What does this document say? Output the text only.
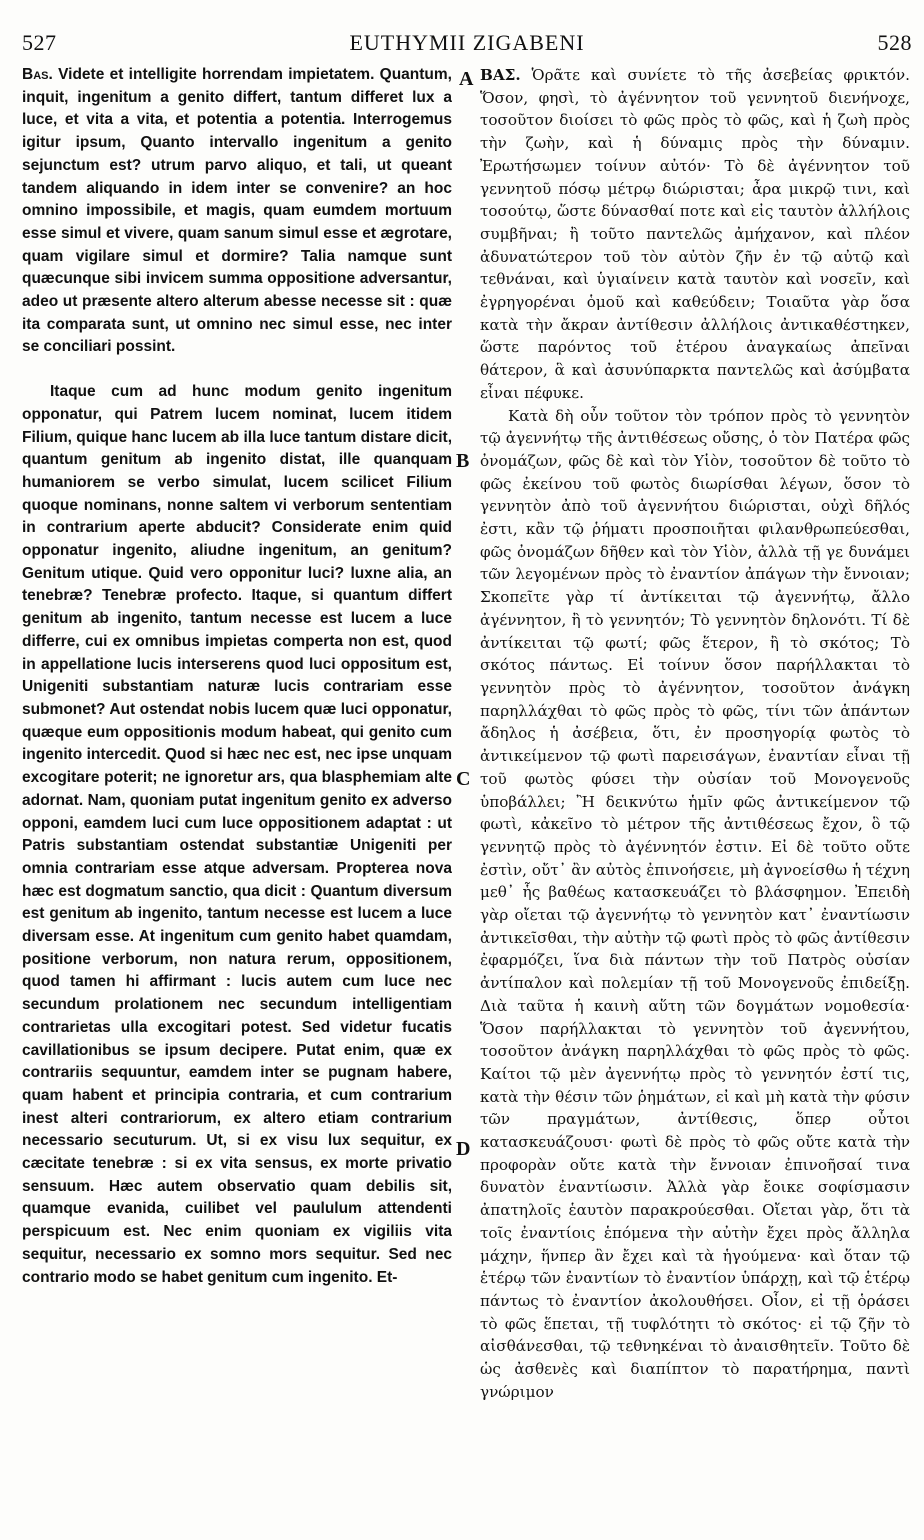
527	EUTHYMII ZIGABENI	528

Bas. Videte et intelligite horrendam impietatem. Quantum, inquit, ingenitum a genito differt, tantum differet lux a luce, et vita a vita, et potentia a potentia. Interrogemus igitur ipsum, Quanto intervallo ingenitum a genito sejunctum est? utrum parvo aliquo, et tali, ut queant tandem aliquando in idem inter se convenire? an hoc omnino impossibile, et magis, quam eumdem mortuum esse simul et vivere, quam sanum simul esse et ægrotare, quam vigilare simul et dormire? Talia namque sunt quæcunque sibi invicem summa oppositione adversantur, adeo ut præsente altero alterum abesse necesse sit : quæ ita comparata sunt, ut omnino nec simul esse, nec inter se conciliari possint.

Itaque cum ad hunc modum genito ingenitum opponatur, qui Patrem lucem nominat, lucem itidem Filium, quique hanc lucem ab illa luce tantum distare dicit, quantum genitum ab ingenito distat, ille quanquam humaniorem se verbo simulat, lucem scilicet Filium quoque nominans, nonne saltem vi verborum sententiam in contrarium aperte abducit? Considerate enim quid opponatur ingenito, aliudne ingenitum, an genitum? Genitum utique. Quid vero opponitur luci? luxne alia, an tenebræ? Tenebræ profecto. Itaque, si quantum differt genitum ab ingenito, tantum necesse est lucem a luce differre, cui ex omnibus impietas comperta non est, quod in appellatione lucis interserens quod luci oppositum est, Unigeniti substantiam naturæ lucis contrariam esse submonet? Aut ostendat nobis lucem quæ luci opponatur, quæque eum oppositionis modum habeat, qui genito cum ingenito intercedit. Quod si hæc nec est, nec ipse unquam excogitare poterit; ne ignoretur ars, qua blasphemiam alte adornat. Nam, quoniam putat ingenitum genito ex adverso opponi, eamdem luci cum luce oppositionem adaptat : ut Patris substantiam ostendat substantiæ Unigeniti per omnia contrariam esse atque adversam. Propterea nova hæc est dogmatum sanctio, qua dicit : Quantum diversum est genitum ab ingenito, tantum necesse est lucem a luce diversam esse. At ingenitum cum genito habet quamdam, positione verborum, non natura rerum, oppositionem, quod tamen hi affirmant : lucis autem cum luce nec secundum prolationem nec secundum intelligentiam contrarietas ulla excogitari potest. Sed videtur fucatis cavillationibus se ipsum decipere. Putat enim, quæ ex contrariis sequuntur, eamdem inter se pugnam habere, quam habent et principia contraria, et cum contrarium inest alteri contrariorum, ex altero etiam contrarium necessario secuturum. Ut, si ex visu lux sequitur, ex cæcitate tenebræ : si ex vita sensus, ex morte privatio sensuum. Hæc autem observatio quam debilis sit, quamque evanida, cuilibet vel paululum attendenti perspicuum est. Nec enim quoniam ex vigiliis vita sequitur, necessario ex somno mors sequitur. Sed nec contrario modo se habet genitum cum ingenito. Et-

ΒΑΣ. Ὁρᾶτε καὶ συνίετε τὸ τῆς ἀσεβείας φρικτόν. Ὅσον, φησὶ, τὸ ἀγέννητον τοῦ γεννητοῦ διενήνοχε, τοσοῦτον διοίσει τὸ φῶς πρὸς τὸ φῶς, καὶ ἡ ζωὴ πρὸς τὴν ζωὴν, καὶ ἡ δύναμις πρὸς τὴν δύναμιν. Ἐρωτήσωμεν τοίνυν αὐτόν· Τὸ δὲ ἀγέννητον τοῦ γεννητοῦ πόσῳ μέτρῳ διώρισται; ἆρα μικρῷ τινι, καὶ τοσούτῳ, ὥστε δύνασθαί ποτε καὶ εἰς ταυτὸν ἀλλήλοις συμβῆναι; ἢ τοῦτο παντελῶς ἀμήχανον, καὶ πλέον ἀδυνατώτερον τοῦ τὸν αὐτὸν ζῆν ἐν τῷ αὐτῷ καὶ τεθνάναι, καὶ ὑγιαίνειν κατὰ ταυτὸν καὶ νοσεῖν, καὶ ἐγρηγορέναι ὁμοῦ καὶ καθεύδειν; Τοιαῦτα γὰρ ὅσα κατὰ τὴν ἄκραν ἀντίθεσιν ἀλλήλοις ἀντικαθέστηκεν, ὥστε παρόντος τοῦ ἑτέρου ἀναγκαίως ἀπεῖναι θάτερον, ἃ καὶ ἀσυνύπαρκτα παντελῶς καὶ ἀσύμβατα εἶναι πέφυκε.

Κατὰ δὴ οὖν τοῦτον τὸν τρόπον πρὸς τὸ γεννητὸν τῷ ἀγεννήτῳ τῆς ἀντιθέσεως οὔσης, ὁ τὸν Πατέρα φῶς ὀνομάζων, φῶς δὲ καὶ τὸν Υἱὸν, τοσοῦτον δὲ τοῦτο τὸ φῶς ἐκείνου τοῦ φωτὸς διωρίσθαι λέγων, ὅσον τὸ γεννητὸν ἀπὸ τοῦ ἀγεννήτου διώρισται, οὐχὶ δῆλός ἐστι, κἂν τῷ ῥήματι προσποιῆται φιλανθρωπεύεσθαι, φῶς ὀνομάζων δῆθεν καὶ τὸν Υἱὸν, ἀλλὰ τῇ γε δυνάμει τῶν λεγομένων πρὸς τὸ ἐναντίον ἀπάγων τὴν ἔννοιαν; Σκοπεῖτε γὰρ τί ἀντίκειται τῷ ἀγεννήτῳ, ἄλλο ἀγέννητον, ἢ τὸ γεννητόν; Τὸ γεννητὸν δηλονότι. Τί δὲ ἀντίκειται τῷ φωτί; φῶς ἕτερον, ἢ τὸ σκότος; Τὸ σκότος πάντως. Εἰ τοίνυν ὅσον παρήλλακται τὸ γεννητὸν πρὸς τὸ ἀγέννητον, τοσοῦτον ἀνάγκη παρηλλάχθαι τὸ φῶς πρὸς τὸ φῶς, τίνι τῶν ἁπάντων ἄδηλος ἡ ἀσέβεια, ὅτι, ἐν προσηγορίᾳ φωτὸς τὸ ἀντικείμενον τῷ φωτὶ παρεισάγων, ἐναντίαν εἶναι τῇ τοῦ φωτὸς φύσει τὴν οὐσίαν τοῦ Μονογενοῦς ὑποβάλλει; Ἢ δεικνύτω ἡμῖν φῶς ἀντικείμενον τῷ φωτὶ, κἀκεῖνο τὸ μέτρον τῆς ἀντιθέσεως ἔχον, ὃ τῷ γεννητῷ πρὸς τὸ ἀγέννητόν ἐστιν. Εἰ δὲ τοῦτο οὔτε ἐστὶν, οὔτ᾽ ἂν αὐτὸς ἐπινοήσειε, μὴ ἀγνοείσθω ἡ τέχνη μεθ᾽ ἧς βαθέως κατασκευάζει τὸ βλάσφημον. Ἐπειδὴ γὰρ οἴεται τῷ ἀγεννήτῳ τὸ γεννητὸν κατ᾽ ἐναντίωσιν ἀντικεῖσθαι, τὴν αὐτὴν τῷ φωτὶ πρὸς τὸ φῶς ἀντίθεσιν ἐφαρμόζει, ἵνα διὰ πάντων τὴν τοῦ Πατρὸς οὐσίαν ἀντίπαλον καὶ πολεμίαν τῇ τοῦ Μονογενοῦς ἐπιδείξῃ. Διὰ ταῦτα ἡ καινὴ αὕτη τῶν δογμάτων νομοθεσία· Ὅσον παρήλλακται τὸ γεννητὸν τοῦ ἀγεννήτου, τοσοῦτον ἀνάγκη παρηλλάχθαι τὸ φῶς πρὸς τὸ φῶς. Καίτοι τῷ μὲν ἀγεννήτῳ πρὸς τὸ γεννητόν ἐστί τις, κατὰ τὴν θέσιν τῶν ῥημάτων, εἰ καὶ μὴ κατὰ τὴν φύσιν τῶν πραγμάτων, ἀντίθεσις, ὅπερ οὗτοι κατασκευάζουσι· φωτὶ δὲ πρὸς τὸ φῶς οὔτε κατὰ τὴν προφορὰν οὔτε κατὰ τὴν ἔννοιαν ἐπινοῆσαί τινα δυνατὸν ἐναντίωσιν. Ἀλλὰ γὰρ ἔοικε σοφίσμασιν ἀπατηλοῖς ἑαυτὸν παρακρούεσθαι. Οἴεται γὰρ, ὅτι τὰ τοῖς ἐναντίοις ἑπόμενα τὴν αὐτὴν ἔχει πρὸς ἄλληλα μάχην, ἥνπερ ἂν ἔχει καὶ τὰ ἡγούμενα· καὶ ὅταν τῷ ἑτέρῳ τῶν ἐναντίων τὸ ἐναντίον ὑπάρχῃ, καὶ τῷ ἑτέρῳ πάντως τὸ ἐναντίον ἀκολουθήσει. Οἷον, εἰ τῇ ὁράσει τὸ φῶς ἕπεται, τῇ τυφλότητι τὸ σκότος· εἰ τῷ ζῆν τὸ αἰσθάνεσθαι, τῷ τεθνηκέναι τὸ ἀναισθητεῖν. Τοῦτο δὲ ὡς ἀσθενὲς καὶ διαπίπτον τὸ παρατήρημα, παντὶ γνώριμον

A
B
C
D
